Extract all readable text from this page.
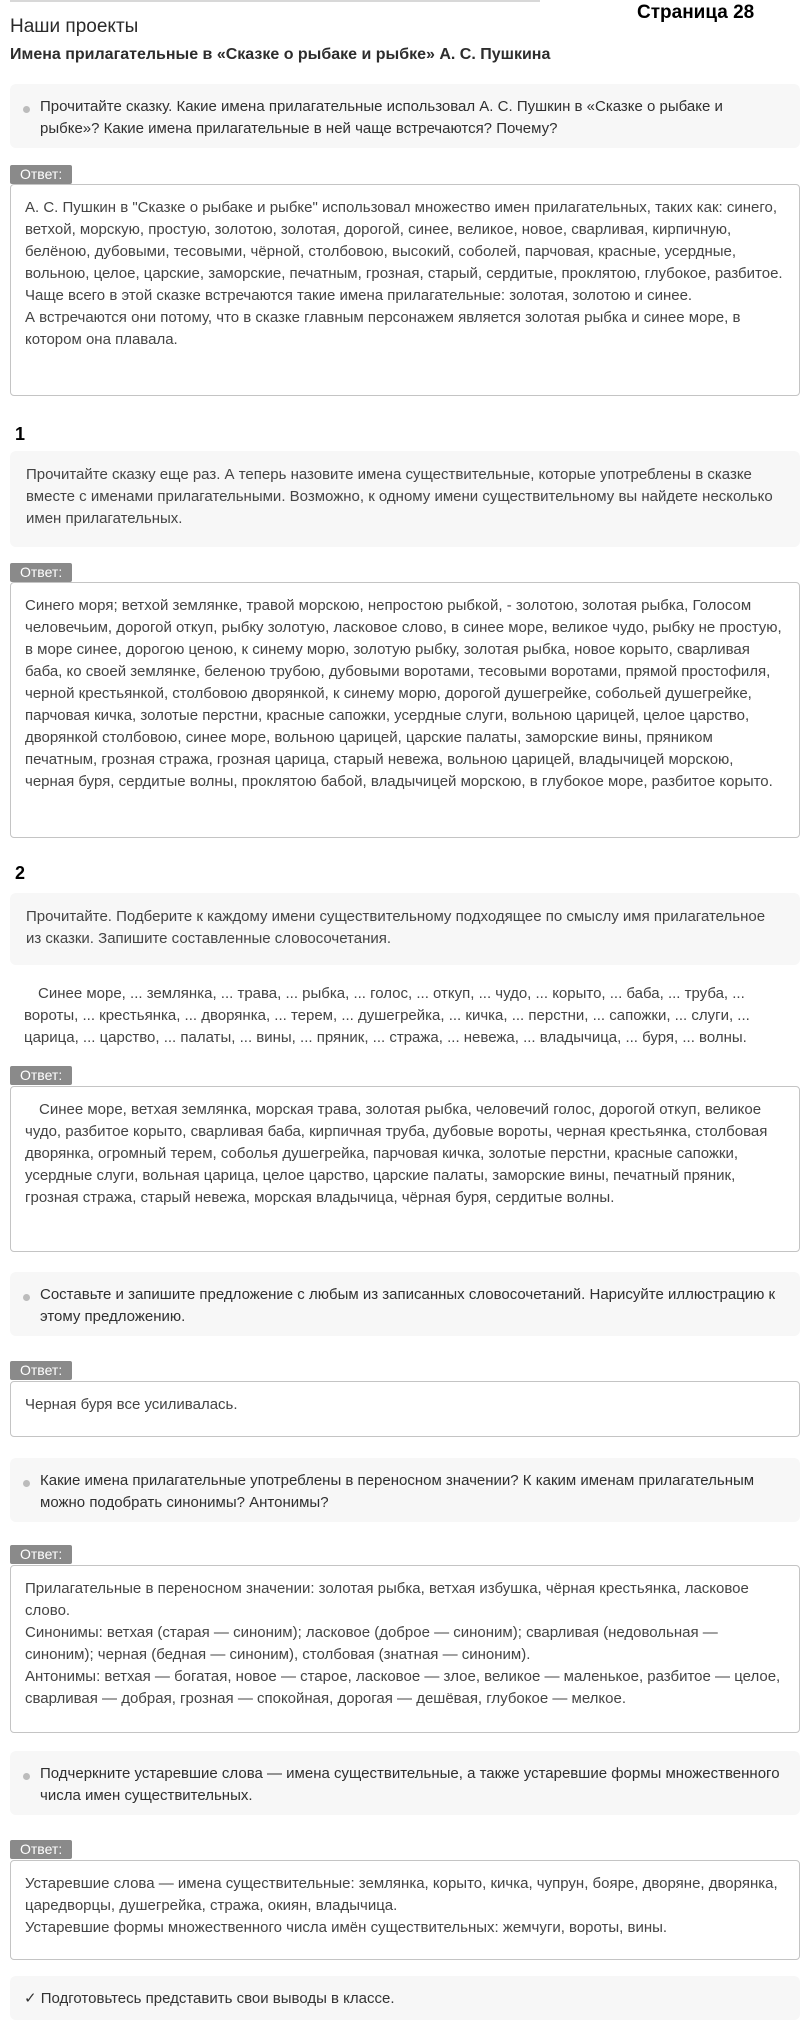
Наши проекты
Страница 28
Имена прилагательные в «Сказке о рыбаке и рыбке» А. С. Пушкина

Прочитайте сказку. Какие имена прилагательные использовал А. С. Пушкин в «Сказке о рыбаке и рыбке»? Какие имена прилагательные в ней чаще встречаются? Почему?

Ответ:

А. С. Пушкин в "Сказке о рыбаке и рыбке" использовал множество имен прилагательных, таких как: синего, ветхой, морскую, простую, золотою, золотая, дорогой, синее, великое, новое, сварливая, кирпичную, белёною, дубовыми, тесовыми, чёрной, столбовою, высокий, соболей, парчовая, красные, усердные, вольною, целое, царские, заморские, печатным, грозная, старый, сердитые, проклятою, глубокое, разбитое.

Чаще всего в этой сказке встречаются такие имена прилагательные: золотая, золотою и синее.

А встречаются они потому, что в сказке главным персонажем является золотая рыбка и синее море, в котором она плавала.

1

Прочитайте сказку еще раз. А теперь назовите имена существительные, которые употреблены в сказке вместе с именами прилагательными. Возможно, к одному имени существительному вы найдете несколько имен прилагательных.

Ответ:

Синего моря; ветхой землянке, травой морскою, непростою рыбкой, - золотою, золотая рыбка, Голосом человечьим, дорогой откуп, рыбку золотую, ласковое слово, в синее море, великое чудо, рыбку не простую, в море синее, дорогою ценою, к синему морю, золотую рыбку, золотая рыбка, новое корыто, сварливая баба, ко своей землянке, беленою трубою, дубовыми воротами, тесовыми воротами, прямой простофиля, черной крестьянкой, столбовою дворянкой, к синему морю, дорогой душегрейке, собольей душегрейке, парчовая кичка, золотые перстни, красные сапожки, усердные слуги, вольною царицей, целое царство, дворянкой столбовою, синее море, вольною царицей, царские палаты, заморские вины, пряником печатным, грозная стража, грозная царица, старый невежа, вольною царицей, владычицей морскою, черная буря, сердитые волны, проклятою бабой, владычицей морскою, в глубокое море, разбитое корыто.

2

Прочитайте. Подберите к каждому имени существительному подходящее по смыслу имя прилагательное из сказки. Запишите составленные словосочетания.

Синее море, ... землянка, ... трава, ... рыбка, ... голос, ... откуп, ... чудо, ... корыто, ... баба, ... труба, ... вороты, ... крестьянка, ... дворянка, ... терем, ... душегрейка, ... кичка, ... перстни, ... сапожки, ... слуги, ... царица, ... царство, ... палаты, ... вины, ... пряник, ... стража, ... невежа, ... владычица, ... буря, ... волны.
Ответ:

Синее море, ветхая землянка, морская трава, золотая рыбка, человечий голос, дорогой откуп, великое чудо, разбитое корыто, сварливая баба, кирпичная труба, дубовые вороты, черная крестьянка, столбовая дворянка, огромный терем, соболья душегрейка, парчовая кичка, золотые перстни, красные сапожки, усердные слуги, вольная царица, целое царство, царские палаты, заморские вины, печатный пряник, грозная стража, старый невежа, морская владычица, чёрная буря, сердитые волны.

Составьте и запишите предложение с любым из записанных словосочетаний. Нарисуйте иллюстрацию к этому предложению.

Ответ:

Черная буря все усиливалась.

Какие имена прилагательные употреблены в переносном значении? К каким именам прилагательным можно подобрать синонимы? Антонимы?

Ответ:

Прилагательные в переносном значении: золотая рыбка, ветхая избушка, чёрная крестьянка, ласковое слово.

Синонимы: ветхая (старая — синоним); ласковое (доброе — синоним); сварливая (недовольная — синоним); черная (бедная — синоним), столбовая (знатная — синоним).

Антонимы: ветхая — богатая, новое — старое, ласковое — злое, великое — маленькое, разбитое — целое, сварливая — добрая, грозная — спокойная, дорогая — дешёвая, глубокое — мелкое.

Подчеркните устаревшие слова — имена существительные, а также устаревшие формы множественного числа имен существительных.

Ответ:

Устаревшие слова — имена существительные: землянка, корыто, кичка, чупрун, бояре, дворяне, дворянка, царедворцы, душегрейка, стража, окиян, владычица.

Устаревшие формы множественного числа имён существительных: жемчуги, вороты, вины.

✓ Подготовьтесь представить свои выводы в классе.
